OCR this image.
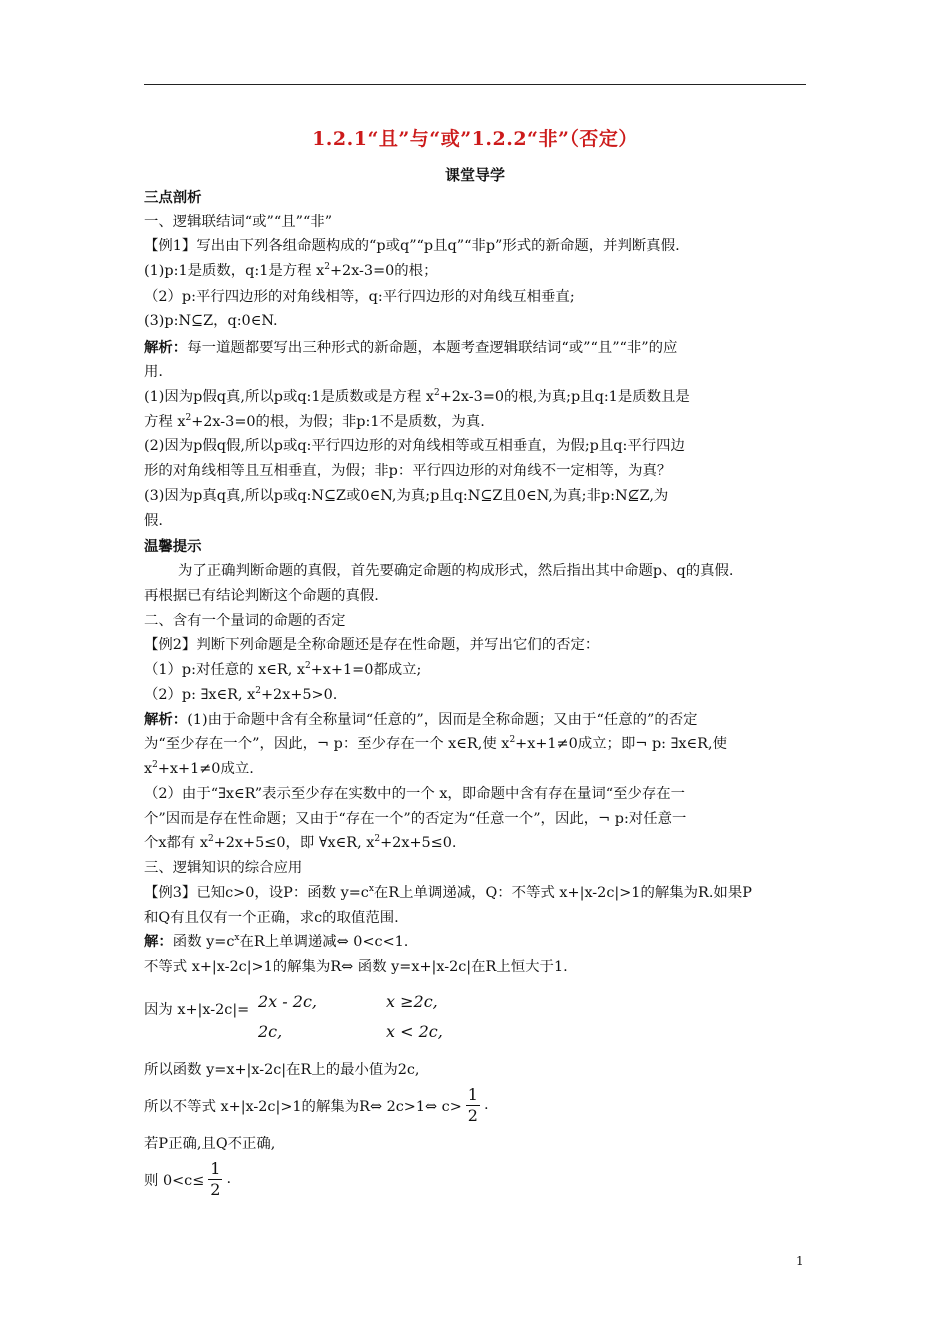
1.2.1“且”与“或”1.2.2“非”（否定）
课堂导学
三点剖析
一、逻辑联结词“或”“且”“非”
【例1】写出由下列各组命题构成的“p或q”“p且q”“非p”形式的新命题，并判断真假.
(1)p:1是质数，q:1是方程 $x^2+2x-3=0$的根；
（2）p:平行四边形的对角线相等，q:平行四边形的对角线互相垂直;
(3)p:N⊆Z，q:0∈N.
解析：每一道题都要写出三种形式的新命题，本题考查逻辑联结词“或”“且”“非”的应
用.
(1)因为p假q真,所以p或q:1是质数或是方程 $x^2+2x-3=0$的根,为真;p且q:1是质数且是
方程 $x^2+2x-3=0$的根，为假；非p:1不是质数，为真.
(2)因为p假q假,所以p或q:平行四边形的对角线相等或互相垂直，为假;p且q:平行四边
形的对角线相等且互相垂直，为假；非p：平行四边形的对角线不一定相等，为真？
(3)因为p真q真,所以p或q:N⊆Z或0∈N,为真;p且q:N⊆Z且0∈N,为真;非p:N⊈Z,为
假.
温馨提示
为了正确判断命题的真假，首先要确定命题的构成形式，然后指出其中命题p、q的真假.
再根据已有结论判断这个命题的真假.
二、含有一个量词的命题的否定
【例2】判断下列命题是全称命题还是存在性命题，并写出它们的否定：
（1）p:对任意的 x∈R, $x^2+x+1=0$都成立;
（2）p: ∃x∈R, $x^2+2x+5>0$.
解析：(1)由于命题中含有全称量词“任意的”，因而是全称命题；又由于“任意的”的否定
为“至少存在一个”，因此，¬ p：至少存在一个 x∈R,使 $x^2+x+1\ne 0$成立；即¬ p: ∃x∈R,使
$x^2+x+1\ne 0$成立.
（2）由于“∃x∈R”表示至少存在实数中的一个 x，即命题中含有存在量词“至少存在一
个”因而是存在性命题；又由于“存在一个”的否定为“任意一个”，因此，¬ p:对任意一
个x都有 $x^2+2x+5\le 0$，即 ∀x∈R, $x^2+2x+5\le 0$.
三、逻辑知识的综合应用
【例3】已知c>0，设P：函数 $y=c^x$在R上单调递减，Q：不等式 x+|x-2c|>1的解集为R.如果P
和Q有且仅有一个正确，求c的取值范围.
解：函数 $y=c^x$在R上单调递减⇔ 0<c<1.
不等式 x+|x-2c|>1的解集为R⇔ 函数 y=x+|x-2c|在R上恒大于1.
因为 x+|x-2c|= 2x - 2c,	x ≥2c,
2c,	x < 2c,
所以函数 y=x+|x-2c|在R上的最小值为2c,
所以不等式 x+|x-2c|>1的解集为R⇔ 2c>1⇔ $c> \frac{1}{2}$ .
若P正确,且Q不正确,
则 $0<c\le \frac{1}{2}$ .
1
